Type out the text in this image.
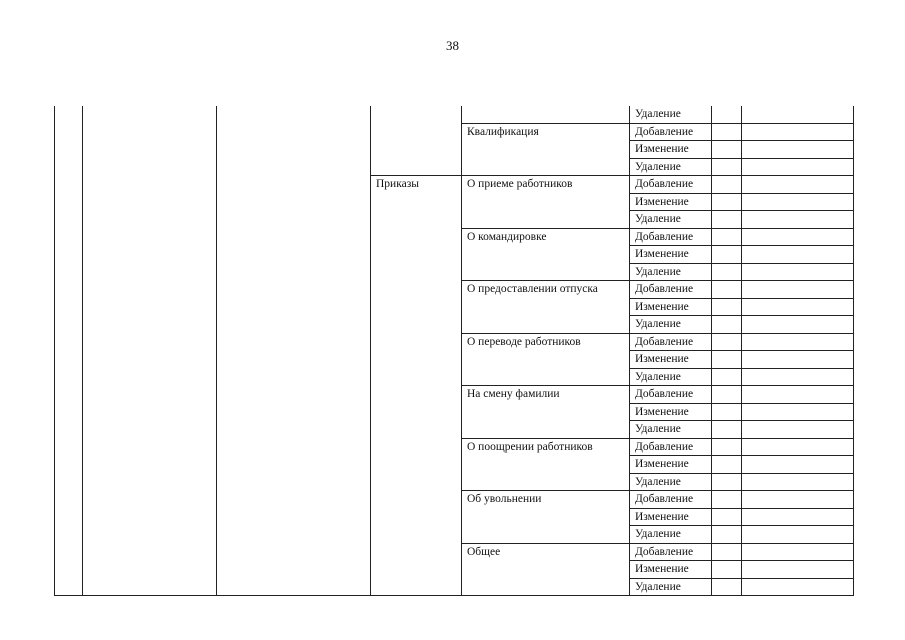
38
					Удаление		
				Квалификация	Добавление		
					Изменение		
					Удаление		
			Приказы	О приеме работников	Добавление		
					Изменение		
					Удаление		
				О командировке	Добавление		
					Изменение		
					Удаление		
				О предоставлении отпуска	Добавление		
					Изменение		
					Удаление		
				О переводе работников	Добавление		
					Изменение		
					Удаление		
				На смену фамилии	Добавление		
					Изменение		
					Удаление		
				О поощрении работников	Добавление		
					Изменение		
					Удаление		
				Об увольнении	Добавление		
					Изменение		
					Удаление		
				Общее	Добавление		
					Изменение		
					Удаление		
